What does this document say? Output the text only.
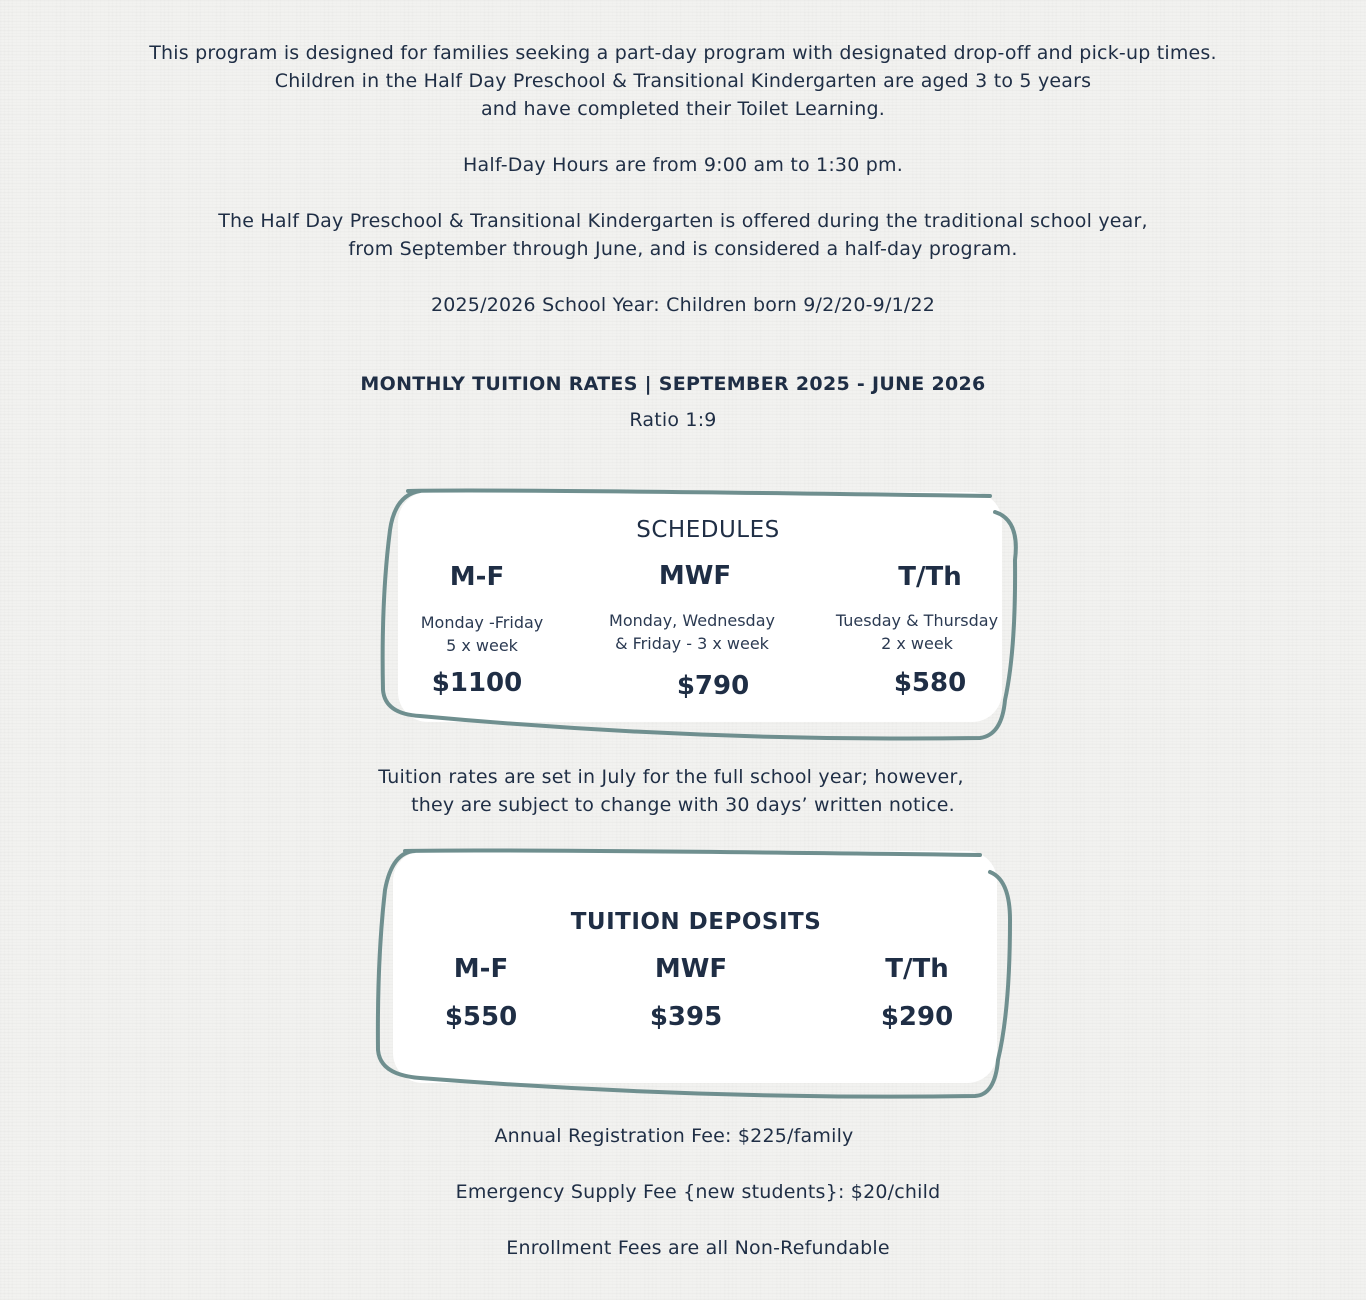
This program is designed for families seeking a part-day program with designated drop-off and pick-up times.
Children in the Half Day Preschool & Transitional Kindergarten are aged 3 to 5 years
and have completed their Toilet Learning.
Half-Day Hours are from 9:00 am to 1:30 pm.
The Half Day Preschool & Transitional Kindergarten is offered during the traditional school year,
from September through June, and is considered a half-day program.
2025/2026 School Year: Children born 9/2/20-9/1/22
MONTHLY TUITION RATES | SEPTEMBER 2025 - JUNE 2026
Ratio 1:9
SCHEDULES
M-F
Monday -Friday
5 x week
$1100
MWF
Monday, Wednesday
& Friday - 3 x week
$790
T/Th
Tuesday & Thursday
2 x week
$580
Tuition rates are set in July for the full school year; however,
they are subject to change with 30 days’ written notice.
TUITION DEPOSITS
M-F
$550
MWF
$395
T/Th
$290
Annual Registration Fee: $225/family
Emergency Supply Fee {new students}: $20/child
Enrollment Fees are all Non-Refundable
